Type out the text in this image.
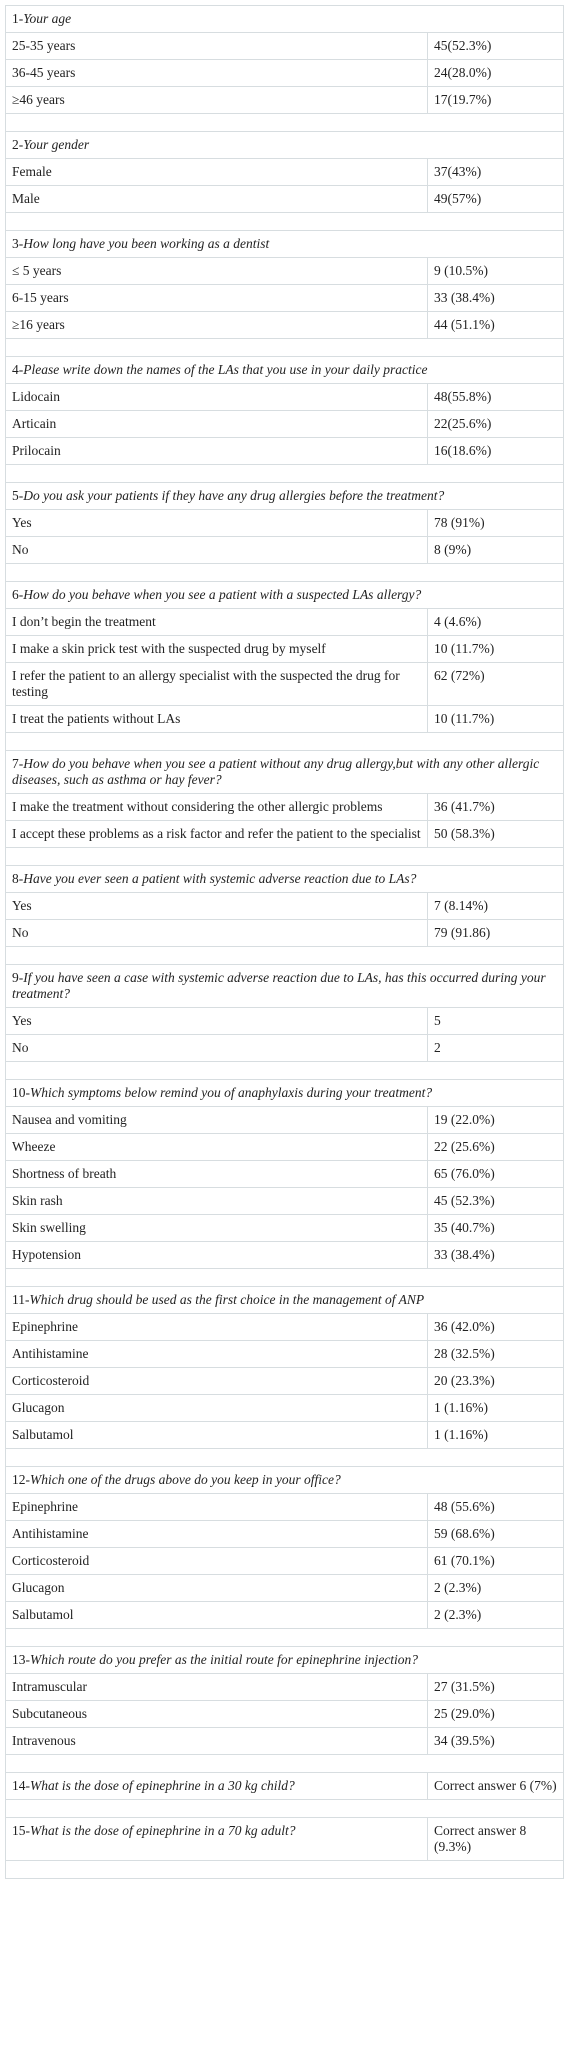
1-Your age	
25-35 years	45(52.3%)
36-45 years	24(28.0%)
≥46 years	17(19.7%)

2-Your gender	
Female	37(43%)
Male	49(57%)

3-How long have you been working as a dentist	
≤ 5 years	9 (10.5%)
6-15 years	33 (38.4%)
≥16 years	44 (51.1%)

4-Please write down the names of the LAs that you use in your daily practice	
Lidocain	48(55.8%)
Articain	22(25.6%)
Prilocain	16(18.6%)

5-Do you ask your patients if they have any drug allergies before the treatment?	
Yes	78 (91%)
No	8 (9%)

6-How do you behave when you see a patient with a suspected LAs allergy?	
I don’t begin the treatment	4 (4.6%)
I make a skin prick test with the suspected drug by myself	10 (11.7%)
I refer the patient to an allergy specialist with the suspected the drug for testing	62 (72%)
I treat the patients without LAs	10 (11.7%)

7-How do you behave when you see a patient without any drug allergy,but with any other allergic diseases, such as asthma or hay fever?	
I make the treatment without considering the other allergic problems	36 (41.7%)
I accept these problems as a risk factor and refer the patient to the specialist	50 (58.3%)

8-Have you ever seen a patient with systemic adverse reaction due to LAs?	
Yes	7 (8.14%)
No	79 (91.86)

9-If you have seen a case with systemic adverse reaction due to LAs, has this occurred during your treatment?	
Yes	5
No	2

10-Which symptoms below remind you of anaphylaxis during your treatment?	
Nausea and vomiting	19 (22.0%)
Wheeze	22 (25.6%)
Shortness of breath	65 (76.0%)
Skin rash	45 (52.3%)
Skin swelling	35 (40.7%)
Hypotension	33 (38.4%)

11-Which drug should be used as the first choice in the management of ANP	
Epinephrine	36 (42.0%)
Antihistamine	28 (32.5%)
Corticosteroid	20 (23.3%)
Glucagon	1 (1.16%)
Salbutamol	1 (1.16%)

12-Which one of the drugs above do you keep in your office?	
Epinephrine	48 (55.6%)
Antihistamine	59 (68.6%)
Corticosteroid	61 (70.1%)
Glucagon	2 (2.3%)
Salbutamol	2 (2.3%)

13-Which route do you prefer as the initial route for epinephrine injection?	
Intramuscular	27 (31.5%)
Subcutaneous	25 (29.0%)
Intravenous	34 (39.5%)

14-What is the dose of epinephrine in a 30 kg child?	Correct answer 6 (7%)

15-What is the dose of epinephrine in a 70 kg adult?	Correct answer 8 (9.3%)
